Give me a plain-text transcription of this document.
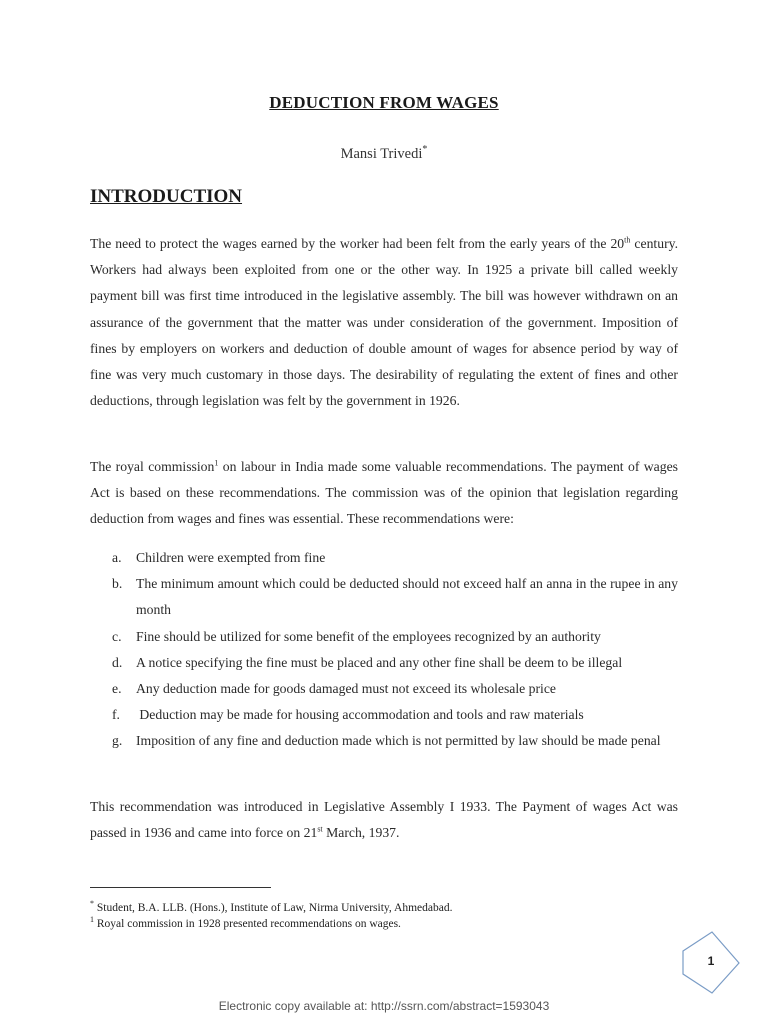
DEDUCTION FROM WAGES
Mansi Trivedi*
INTRODUCTION

The need to protect the wages earned by the worker had been felt from the early years of the 20th century. Workers had always been exploited from one or the other way. In 1925 a private bill called weekly payment bill was first time introduced in the legislative assembly. The bill was however withdrawn on an assurance of the government that the matter was under consideration of the government. Imposition of fines by employers on workers and deduction of double amount of wages for absence period by way of fine was very much customary in those days. The desirability of regulating the extent of fines and other deductions, through legislation was felt by the government in 1926.

The royal commission$^1$ on labour in India made some valuable recommendations. The payment of wages Act is based on these recommendations. The commission was of the opinion that legislation regarding deduction from wages and fines was essential. These recommendations were:

a.	Children were exempted from fine
b.	The minimum amount which could be deducted should not exceed half an anna in the rupee in any month
c.	Fine should be utilized for some benefit of the employees recognized by an authority
d.	A notice specifying the fine must be placed and any other fine shall be deem to be illegal
e.	Any deduction made for goods damaged must not exceed its wholesale price
f.	Deduction may be made for housing accommodation and tools and raw materials
g.	Imposition of any fine and deduction made which is not permitted by law should be made penal

This recommendation was introduced in Legislative Assembly I 1933. The Payment of wages Act was passed in 1936 and came into force on 21st March, 1937.

* Student, B.A. LLB. (Hons.), Institute of Law, Nirma University, Ahmedabad.

$^1$ Royal commission in 1928 presented recommendations on wages.

1
Electronic copy available at: http://ssrn.com/abstract=1593043
